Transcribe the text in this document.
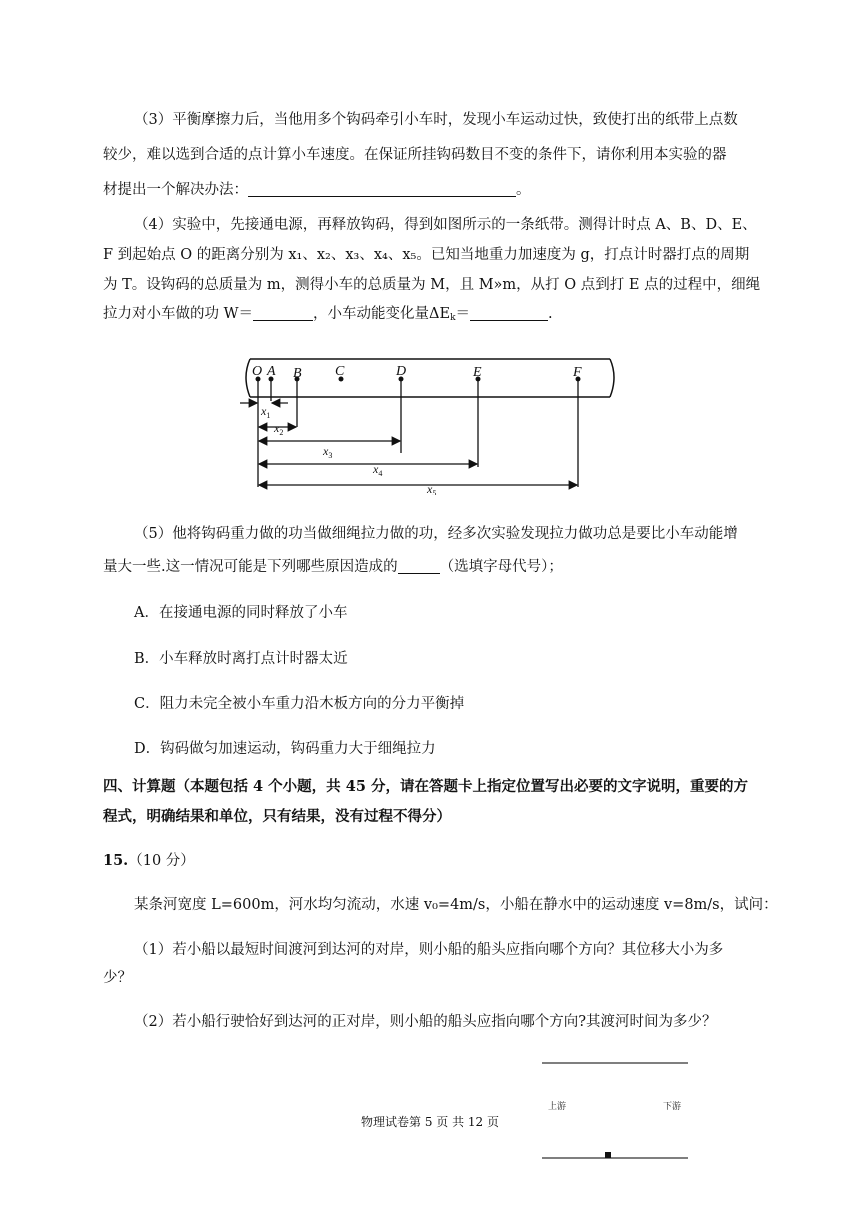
（3）平衡摩擦力后，当他用多个钩码牵引小车时，发现小车运动过快，致使打出的纸带上点数
较少，难以选到合适的点计算小车速度。在保证所挂钩码数目不变的条件下，请你利用本实验的器
材提出一个解决办法：	。
（4）实验中，先接通电源，再释放钩码，得到如图所示的一条纸带。测得计时点 A、B、D、E、
F 到起始点 O 的距离分别为 x₁、x₂、x₃、x₄、x₅。已知当地重力加速度为 g，打点计时器打点的周期
为 T。设钩码的总质量为 m，测得小车的总质量为 M，且 M»m，从打 O 点到打 E 点的过程中，细绳
拉力对小车做的功 W＝	，小车动能变化量$\Delta E_k=$	.
O A B C	D	E	F
$x_1$
$x_2$
$x_3$
$x_4$
$x_5$
（5）他将钩码重力做的功当做细绳拉力做的功，经多次实验发现拉力做功总是要比小车动能增
量大一些.这一情况可能是下列哪些原因造成的	（选填字母代号）；
A．在接通电源的同时释放了小车
B．小车释放时离打点计时器太近
C．阻力未完全被小车重力沿木板方向的分力平衡掉
D．钩码做匀加速运动，钩码重力大于细绳拉力
四、计算题（本题包括 4 个小题，共 45 分，请在答题卡上指定位置写出必要的文字说明，重要的方
程式，明确结果和单位，只有结果，没有过程不得分）
15.（10 分）
某条河宽度 L=600m，河水均匀流动，水速 v₀=4m/s，小船在静水中的运动速度 v=8m/s，试问：
（1）若小船以最短时间渡河到达河的对岸，则小船的船头应指向哪个方向？其位移大小为多
少？
（2）若小船行驶恰好到达河的正对岸，则小船的船头应指向哪个方向?其渡河时间为多少？
上游	下游
物理试卷第 5 页 共 12 页
